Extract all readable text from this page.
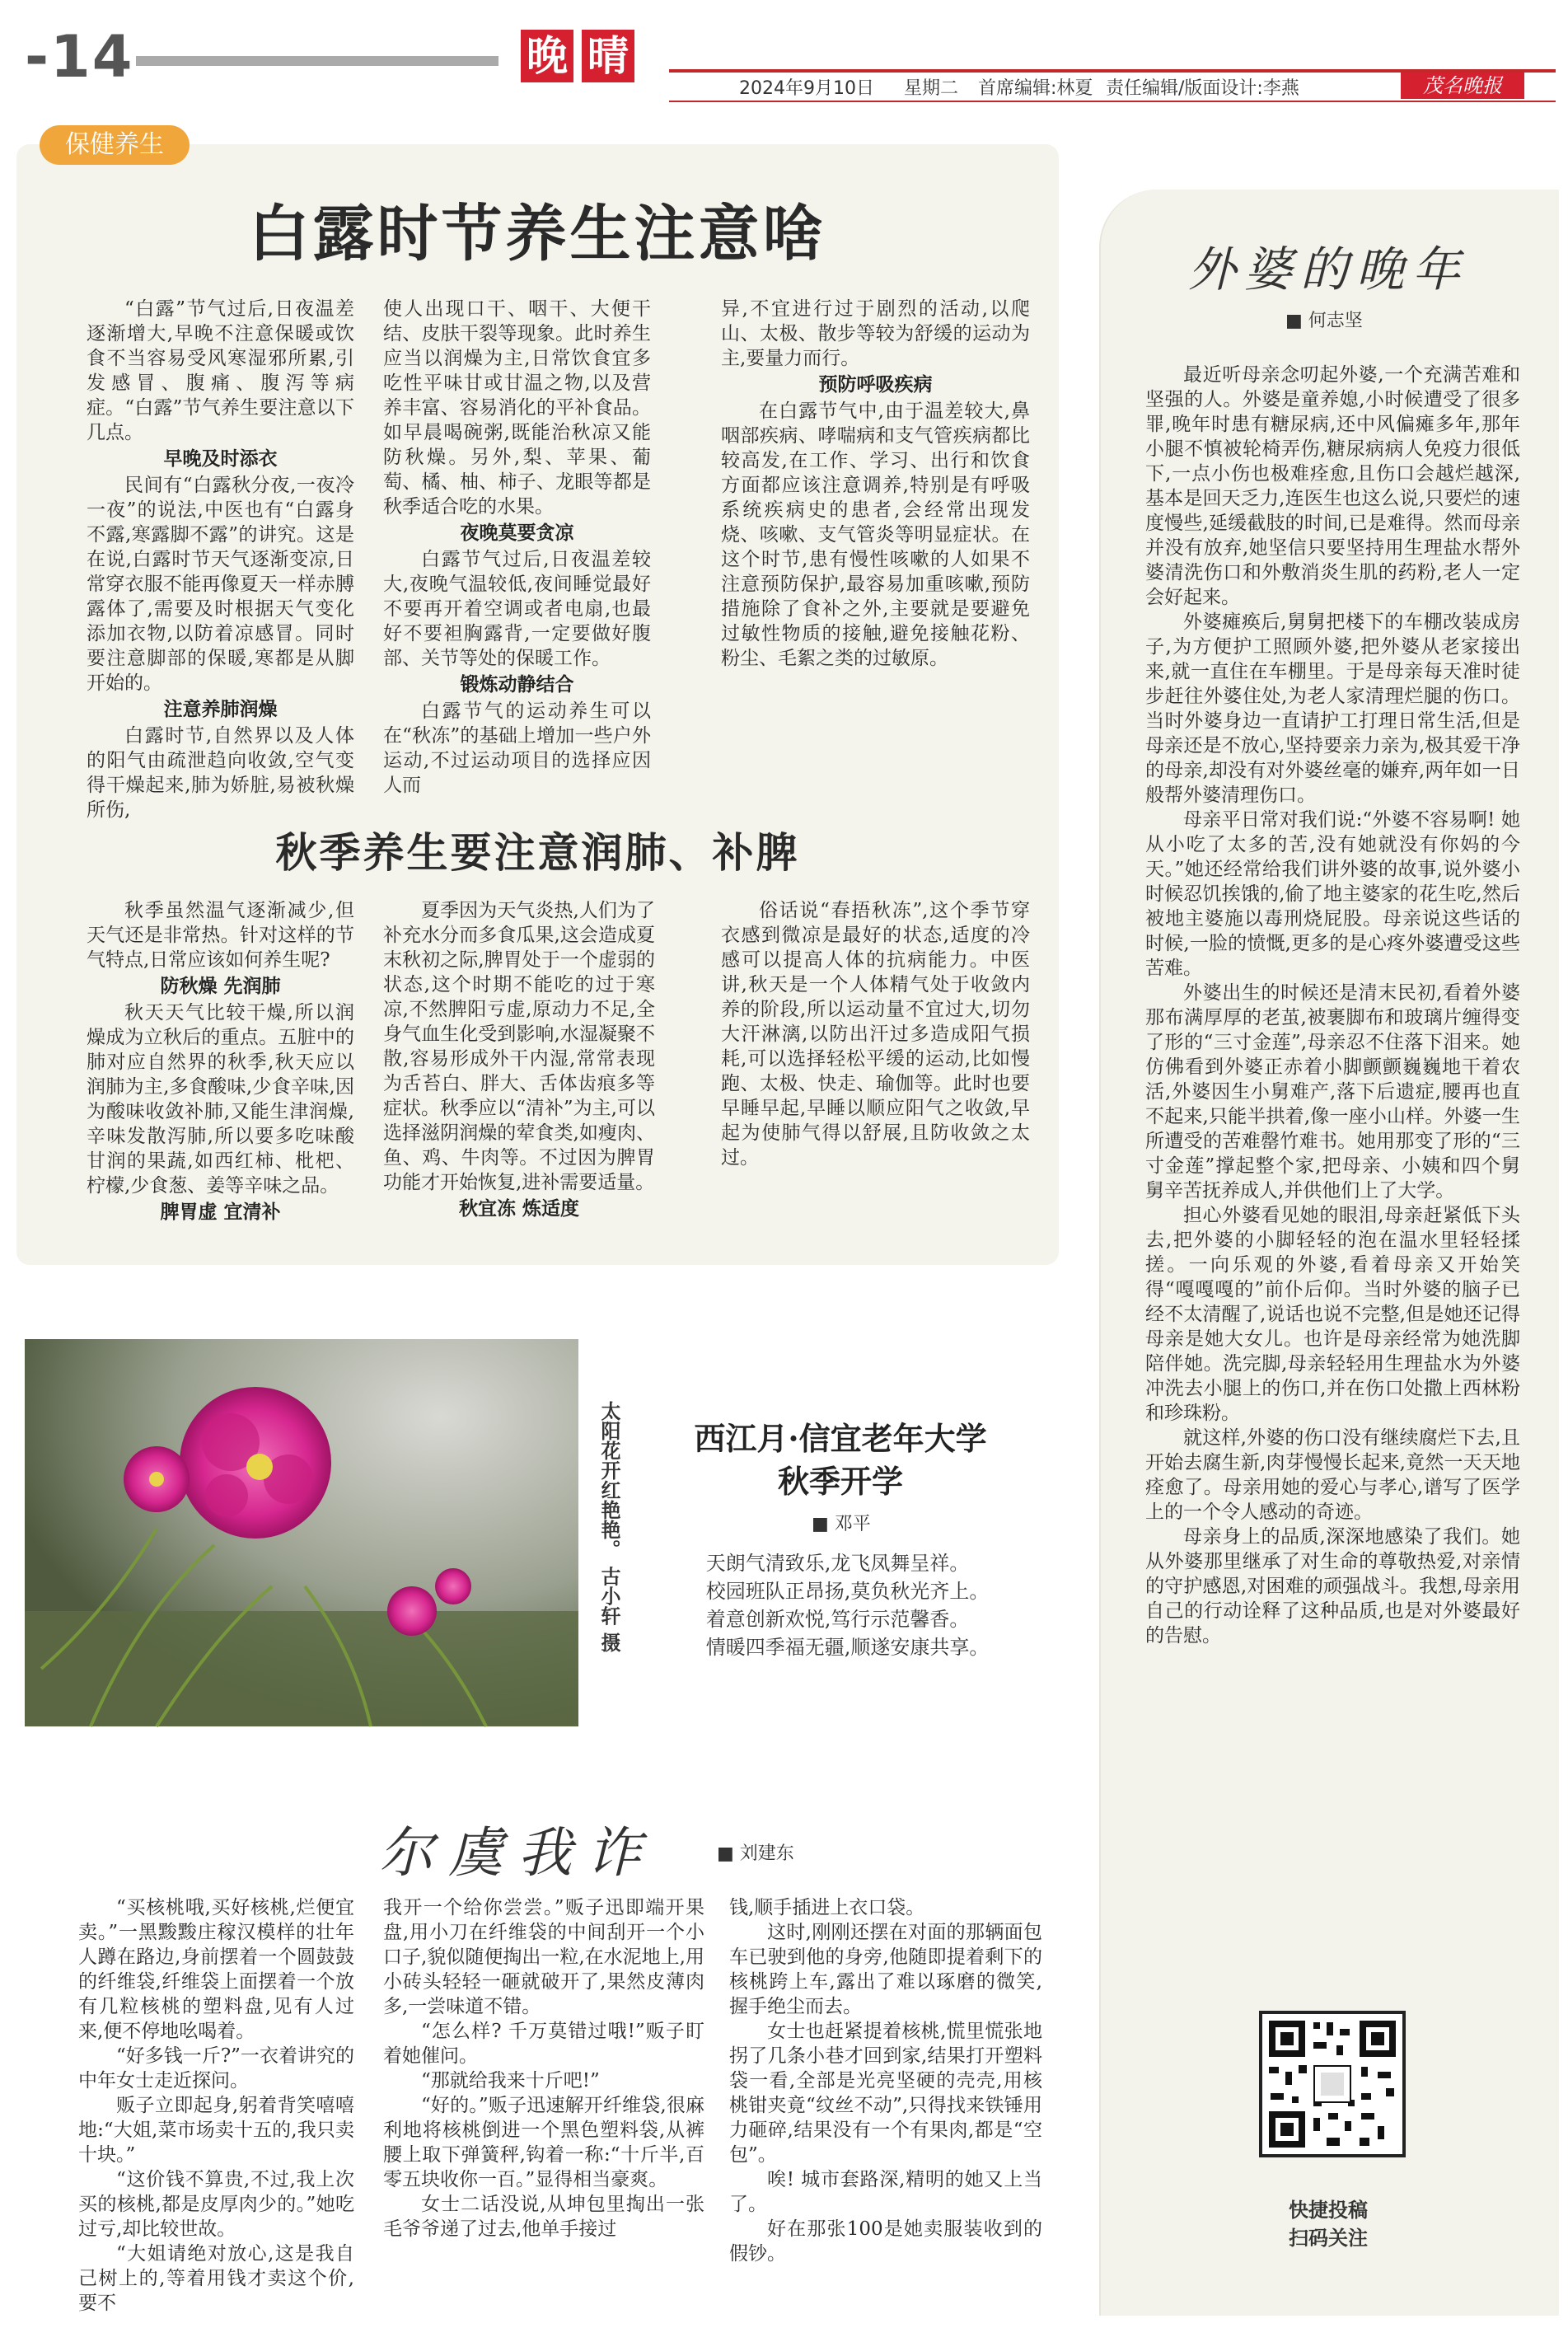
-14	晚 晴
2024年9月10日 星期二 首席编辑:林夏 责任编辑/版面设计:李燕	茂名晚报
保健养生
白露时节养生注意啥

“白露”节气过后,日夜温差逐渐增大,早晚不注意保暖或饮食不当容易受风寒湿邪所累,引发感冒、腹痛、腹泻等病症。“白露”节气养生要注意以下几点。

早晚及时添衣

民间有“白露秋分夜,一夜冷一夜”的说法,中医也有“白露身不露,寒露脚不露”的讲究。这是在说,白露时节天气逐渐变凉,日常穿衣服不能再像夏天一样赤膊露体了,需要及时根据天气变化添加衣物,以防着凉感冒。同时要注意脚部的保暖,寒都是从脚开始的。

注意养肺润燥

白露时节,自然界以及人体的阳气由疏泄趋向收敛,空气变得干燥起来,肺为娇脏,易被秋燥所伤,

使人出现口干、咽干、大便干结、皮肤干裂等现象。此时养生应当以润燥为主,日常饮食宜多吃性平味甘或甘温之物,以及营养丰富、容易消化的平补食品。如早晨喝碗粥,既能治秋凉又能防秋燥。另外,梨、苹果、葡萄、橘、柚、柿子、龙眼等都是秋季适合吃的水果。

夜晚莫要贪凉

白露节气过后,日夜温差较大,夜晚气温较低,夜间睡觉最好不要再开着空调或者电扇,也最好不要袒胸露背,一定要做好腹部、关节等处的保暖工作。

锻炼动静结合

白露节气的运动养生可以在“秋冻”的基础上增加一些户外运动,不过运动项目的选择应因人而

异,不宜进行过于剧烈的活动,以爬山、太极、散步等较为舒缓的运动为主,要量力而行。

预防呼吸疾病

在白露节气中,由于温差较大,鼻咽部疾病、哮喘病和支气管疾病都比较高发,在工作、学习、出行和饮食方面都应该注意调养,特别是有呼吸系统疾病史的患者,会经常出现发烧、咳嗽、支气管炎等明显症状。在这个时节,患有慢性咳嗽的人如果不注意预防保护,最容易加重咳嗽,预防措施除了食补之外,主要就是要避免过敏性物质的接触,避免接触花粉、粉尘、毛絮之类的过敏原。

秋季养生要注意润肺、补脾

秋季虽然温气逐渐减少,但天气还是非常热。针对这样的节气特点,日常应该如何养生呢?

防秋燥 先润肺

秋天天气比较干燥,所以润燥成为立秋后的重点。五脏中的肺对应自然界的秋季,秋天应以润肺为主,多食酸味,少食辛味,因为酸味收敛补肺,又能生津润燥,辛味发散泻肺,所以要多吃味酸甘润的果蔬,如西红柿、枇杷、柠檬,少食葱、姜等辛味之品。

脾胃虚 宜清补

夏季因为天气炎热,人们为了补充水分而多食瓜果,这会造成夏末秋初之际,脾胃处于一个虚弱的状态,这个时期不能吃的过于寒凉,不然脾阳亏虚,原动力不足,全身气血生化受到影响,水湿凝聚不散,容易形成外干内湿,常常表现为舌苔白、胖大、舌体齿痕多等症状。秋季应以“清补”为主,可以选择滋阴润燥的荤食类,如瘦肉、鱼、鸡、牛肉等。不过因为脾胃功能才开始恢复,进补需要适量。

秋宜冻 炼适度

俗话说“春捂秋冻”,这个季节穿衣感到微凉是最好的状态,适度的冷感可以提高人体的抗病能力。中医讲,秋天是一个人体精气处于收敛内养的阶段,所以运动量不宜过大,切勿大汗淋漓,以防出汗过多造成阳气损耗,可以选择轻松平缓的运动,比如慢跑、太极、快走、瑜伽等。此时也要早睡早起,早睡以顺应阳气之收敛,早起为使肺气得以舒展,且防收敛之太过。

太阳花开红艳艳。 古小轩 摄	西江月·信宜老年大学
秋季开学
■ 邓平
天朗气清致乐,龙飞凤舞呈祥。
校园班队正昂扬,莫负秋光齐上。
着意创新欢悦,笃行示范馨香。
情暖四季福无疆,顺遂安康共享。
尔虞我诈	■ 刘建东

“买核桃哦,买好核桃,烂便宜卖。”一黑黢黢庄稼汉模样的壮年人蹲在路边,身前摆着一个圆鼓鼓的纤维袋,纤维袋上面摆着一个放有几粒核桃的塑料盘,见有人过来,便不停地吆喝着。

“好多钱一斤?”一衣着讲究的中年女士走近探问。

贩子立即起身,躬着背笑嘻嘻地:“大姐,菜市场卖十五的,我只卖十块。”

“这价钱不算贵,不过,我上次买的核桃,都是皮厚肉少的。”她吃过亏,却比较世故。

“大姐请绝对放心,这是我自己树上的,等着用钱才卖这个价,要不

我开一个给你尝尝。”贩子迅即端开果盘,用小刀在纤维袋的中间刮开一个小口子,貌似随便掏出一粒,在水泥地上,用小砖头轻轻一砸就破开了,果然皮薄肉多,一尝味道不错。

“怎么样? 千万莫错过哦!”贩子盯着她催问。

“那就给我来十斤吧!”

“好的。”贩子迅速解开纤维袋,很麻利地将核桃倒进一个黑色塑料袋,从裤腰上取下弹簧秤,钩着一称:“十斤半,百零五块收你一百。”显得相当豪爽。

女士二话没说,从坤包里掏出一张毛爷爷递了过去,他单手接过

钱,顺手插进上衣口袋。

这时,刚刚还摆在对面的那辆面包车已驶到他的身旁,他随即提着剩下的核桃跨上车,露出了难以琢磨的微笑,握手绝尘而去。

女士也赶紧提着核桃,慌里慌张地拐了几条小巷才回到家,结果打开塑料袋一看,全部是光亮坚硬的壳壳,用核桃钳夹竟“纹丝不动”,只得找来铁锤用力砸碎,结果没有一个有果肉,都是“空包”。

唉! 城市套路深,精明的她又上当了。

好在那张100是她卖服装收到的假钞。

外婆的晚年
■ 何志坚

最近听母亲念叨起外婆,一个充满苦难和坚强的人。外婆是童养媳,小时候遭受了很多罪,晚年时患有糖尿病,还中风偏瘫多年,那年小腿不慎被轮椅弄伤,糖尿病病人免疫力很低下,一点小伤也极难痊愈,且伤口会越烂越深,基本是回天乏力,连医生也这么说,只要烂的速度慢些,延缓截肢的时间,已是难得。然而母亲并没有放弃,她坚信只要坚持用生理盐水帮外婆清洗伤口和外敷消炎生肌的药粉,老人一定会好起来。

外婆瘫痪后,舅舅把楼下的车棚改装成房子,为方便护工照顾外婆,把外婆从老家接出来,就一直住在车棚里。于是母亲每天准时徒步赶往外婆住处,为老人家清理烂腿的伤口。当时外婆身边一直请护工打理日常生活,但是母亲还是不放心,坚持要亲力亲为,极其爱干净的母亲,却没有对外婆丝毫的嫌弃,两年如一日般帮外婆清理伤口。

母亲平日常对我们说:“外婆不容易啊! 她从小吃了太多的苦,没有她就没有你妈的今天。”她还经常给我们讲外婆的故事,说外婆小时候忍饥挨饿的,偷了地主婆家的花生吃,然后被地主婆施以毒刑烧屁股。母亲说这些话的时候,一脸的愤慨,更多的是心疼外婆遭受这些苦难。

外婆出生的时候还是清末民初,看着外婆那布满厚厚的老茧,被裹脚布和玻璃片缠得变了形的“三寸金莲”,母亲忍不住落下泪来。她仿佛看到外婆正赤着小脚颤颤巍巍地干着农活,外婆因生小舅难产,落下后遗症,腰再也直不起来,只能半拱着,像一座小山样。外婆一生所遭受的苦难罄竹难书。她用那变了形的“三寸金莲”撑起整个家,把母亲、小姨和四个舅舅辛苦抚养成人,并供他们上了大学。

担心外婆看见她的眼泪,母亲赶紧低下头去,把外婆的小脚轻轻的泡在温水里轻轻揉搓。一向乐观的外婆,看着母亲又开始笑得“嘎嘎嘎的”前仆后仰。当时外婆的脑子已经不太清醒了,说话也说不完整,但是她还记得母亲是她大女儿。也许是母亲经常为她洗脚陪伴她。洗完脚,母亲轻轻用生理盐水为外婆冲洗去小腿上的伤口,并在伤口处撒上西林粉和珍珠粉。

就这样,外婆的伤口没有继续腐烂下去,且开始去腐生新,肉芽慢慢长起来,竟然一天天地痊愈了。母亲用她的爱心与孝心,谱写了医学上的一个令人感动的奇迹。

母亲身上的品质,深深地感染了我们。她从外婆那里继承了对生命的尊敬热爱,对亲情的守护感恩,对困难的顽强战斗。我想,母亲用自己的行动诠释了这种品质,也是对外婆最好的告慰。

快捷投稿
扫码关注
